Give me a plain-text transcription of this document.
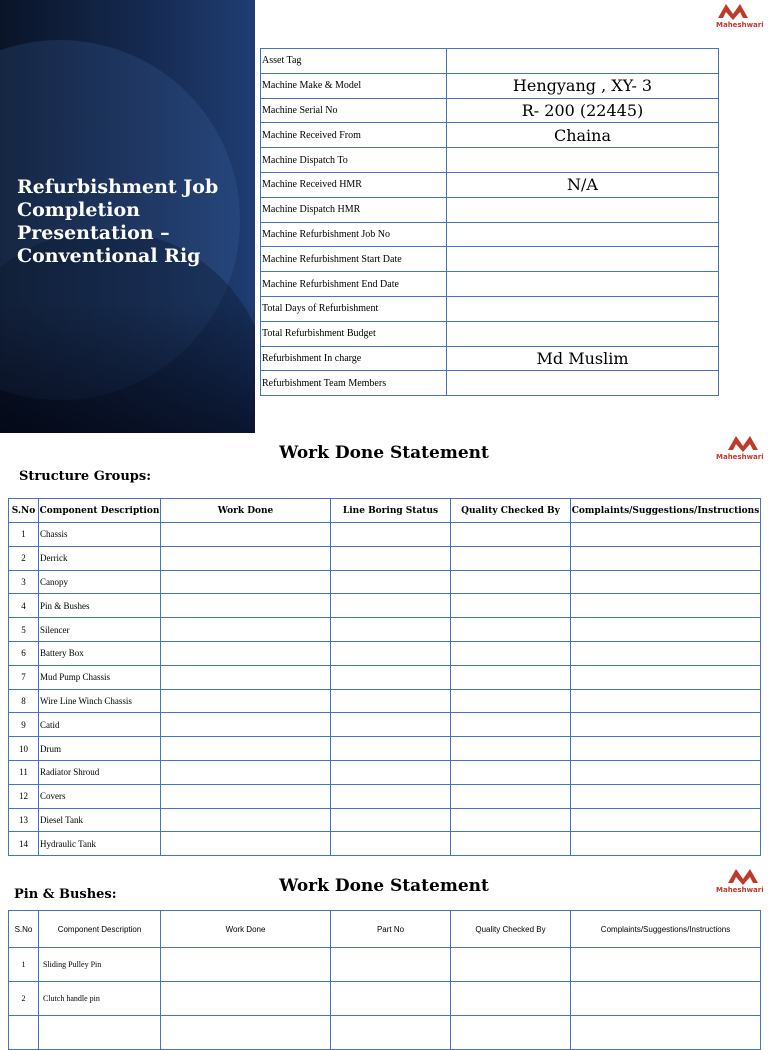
Refurbishment Job Completion Presentation – Conventional Rig
Maheshwari
Asset Tag	
Machine Make & Model	Hengyang , XY- 3
Machine Serial No	R- 200 (22445)
Machine Received From	Chaina
Machine Dispatch To	
Machine Received HMR	N/A
Machine Dispatch HMR	
Machine Refurbishment Job No	
Machine Refurbishment Start Date	
Machine Refurbishment End Date	
Total Days of Refurbishment	
Total Refurbishment Budget	
Refurbishment In charge	Md Muslim
Refurbishment Team Members	
Work Done Statement
Structure Groups:
Maheshwari
S.No	Component Description	Work Done	Line Boring Status	Quality Checked By	Complaints/Suggestions/Instructions
1	Chassis				
2	Derrick				
3	Canopy				
4	Pin & Bushes				
5	Silencer				
6	Battery Box				
7	Mud Pump Chassis				
8	Wire Line Winch Chassis				
9	Catid				
10	Drum				
11	Radiator Shroud				
12	Covers				
13	Diesel Tank				
14	Hydraulic Tank				
Work Done Statement
Pin & Bushes:	Maheshwari
S.No	Component Description	Work Done	Part No	Quality Checked By	Complaints/Suggestions/Instructions
1	Sliding Pulley Pin				
2	Clutch handle pin				
